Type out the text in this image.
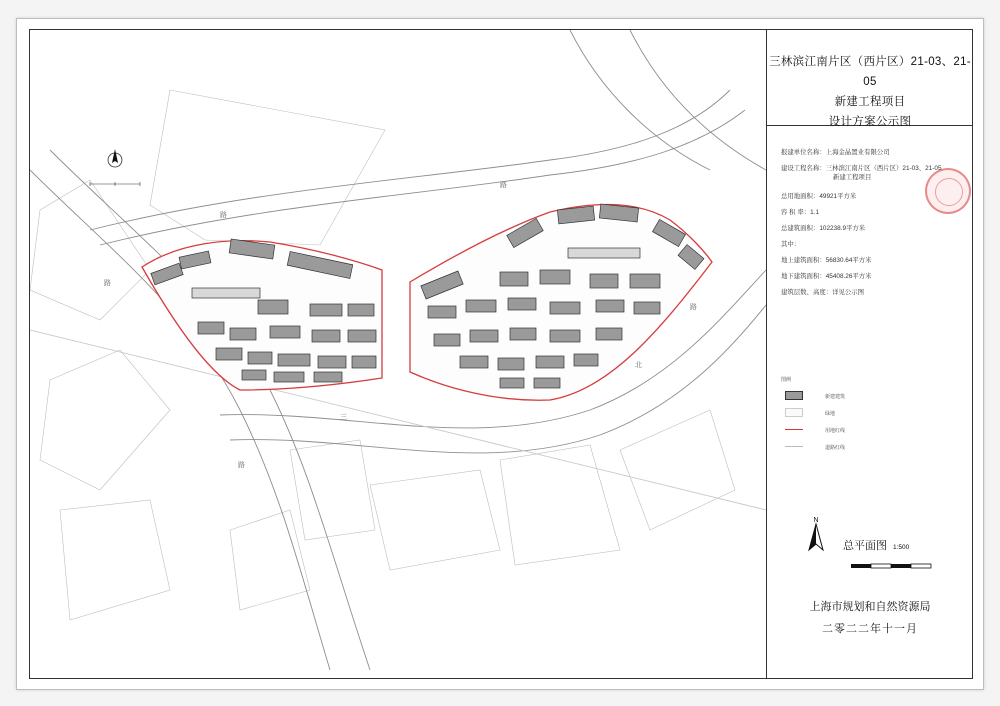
路
路
三
北
路
路
路
三林滨江南片区（西片区）21-03、21-05
新建工程项目
设计方案公示图
报建单位名称：上海金晶置业有限公司
建设工程名称：三林滨江南片区（西片区）21-03、21-05
新建工程项目
总用地面积：49921平方米
容 积 率：1.1
总建筑面积：102238.9平方米
其中：
地上建筑面积：56830.64平方米
地下建筑面积：45408.26平方米
建筑层数、高度：详见公示图
图例
新建建筑
绿地
用地红线
道路红线
N
总平面图 1:500
上海市规划和自然资源局
二零二二年十一月
